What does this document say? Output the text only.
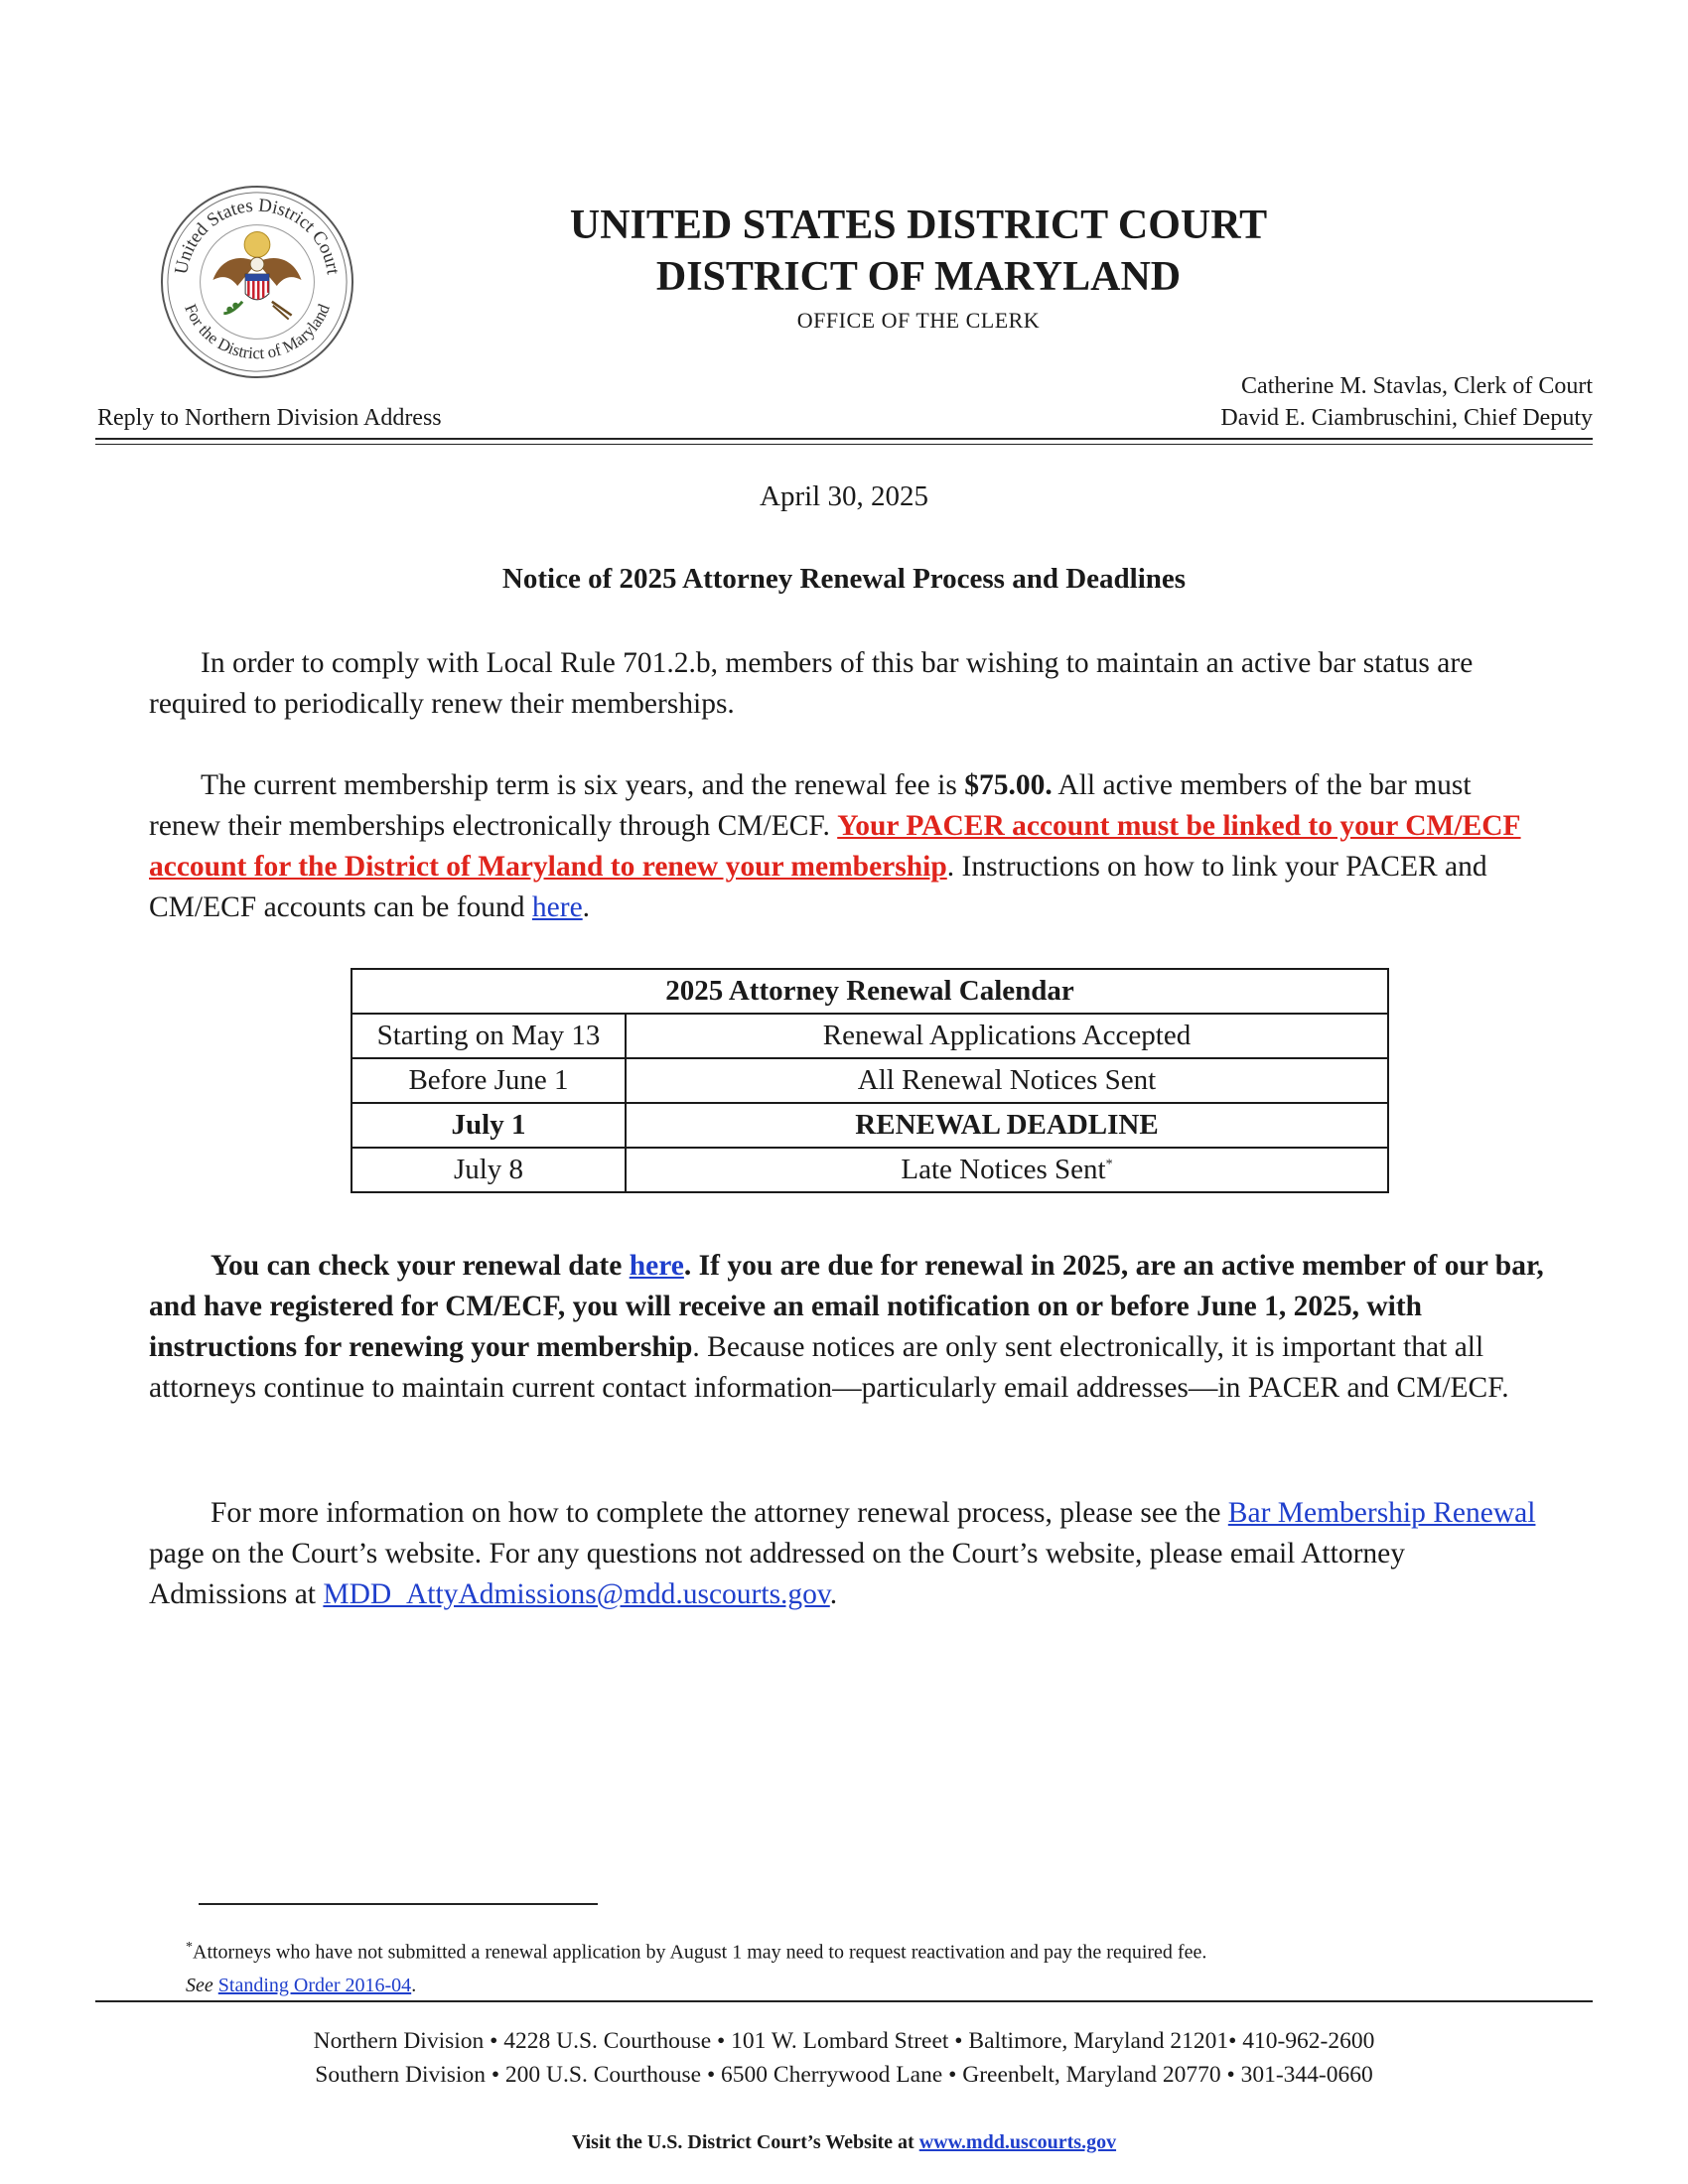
United States District Court
For the District of Maryland
UNITED STATES DISTRICT COURT
DISTRICT OF MARYLAND
OFFICE OF THE CLERK
Catherine M. Stavlas, Clerk of Court
Reply to Northern Division Address	David E. Ciambruschini, Chief Deputy
April 30, 2025
Notice of 2025 Attorney Renewal Process and Deadlines
In order to comply with Local Rule 701.2.b, members of this bar wishing to maintain an active bar status are required to periodically renew their memberships.
The current membership term is six years, and the renewal fee is $75.00. All active members of the bar must renew their memberships electronically through CM/ECF. Your PACER account must be linked to your CM/ECF account for the District of Maryland to renew your membership. Instructions on how to link your PACER and CM/ECF accounts can be found here.
2025 Attorney Renewal Calendar	
Starting on May 13	Renewal Applications Accepted
Before June 1	All Renewal Notices Sent
July 1	RENEWAL DEADLINE
July 8	Late Notices Sent*
You can check your renewal date here. If you are due for renewal in 2025, are an active member of our bar, and have registered for CM/ECF, you will receive an email notification on or before June 1, 2025, with instructions for renewing your membership. Because notices are only sent electronically, it is important that all attorneys continue to maintain current contact information—particularly email addresses—in PACER and CM/ECF.
For more information on how to complete the attorney renewal process, please see the Bar Membership Renewal page on the Court’s website. For any questions not addressed on the Court’s website, please email Attorney Admissions at MDD_AttyAdmissions@mdd.uscourts.gov.
*Attorneys who have not submitted a renewal application by August 1 may need to request reactivation and pay the required fee.
See Standing Order 2016-04.
Northern Division • 4228 U.S. Courthouse • 101 W. Lombard Street • Baltimore, Maryland 21201• 410-962-2600
Southern Division • 200 U.S. Courthouse • 6500 Cherrywood Lane • Greenbelt, Maryland 20770 • 301-344-0660
Visit the U.S. District Court’s Website at www.mdd.uscourts.gov
